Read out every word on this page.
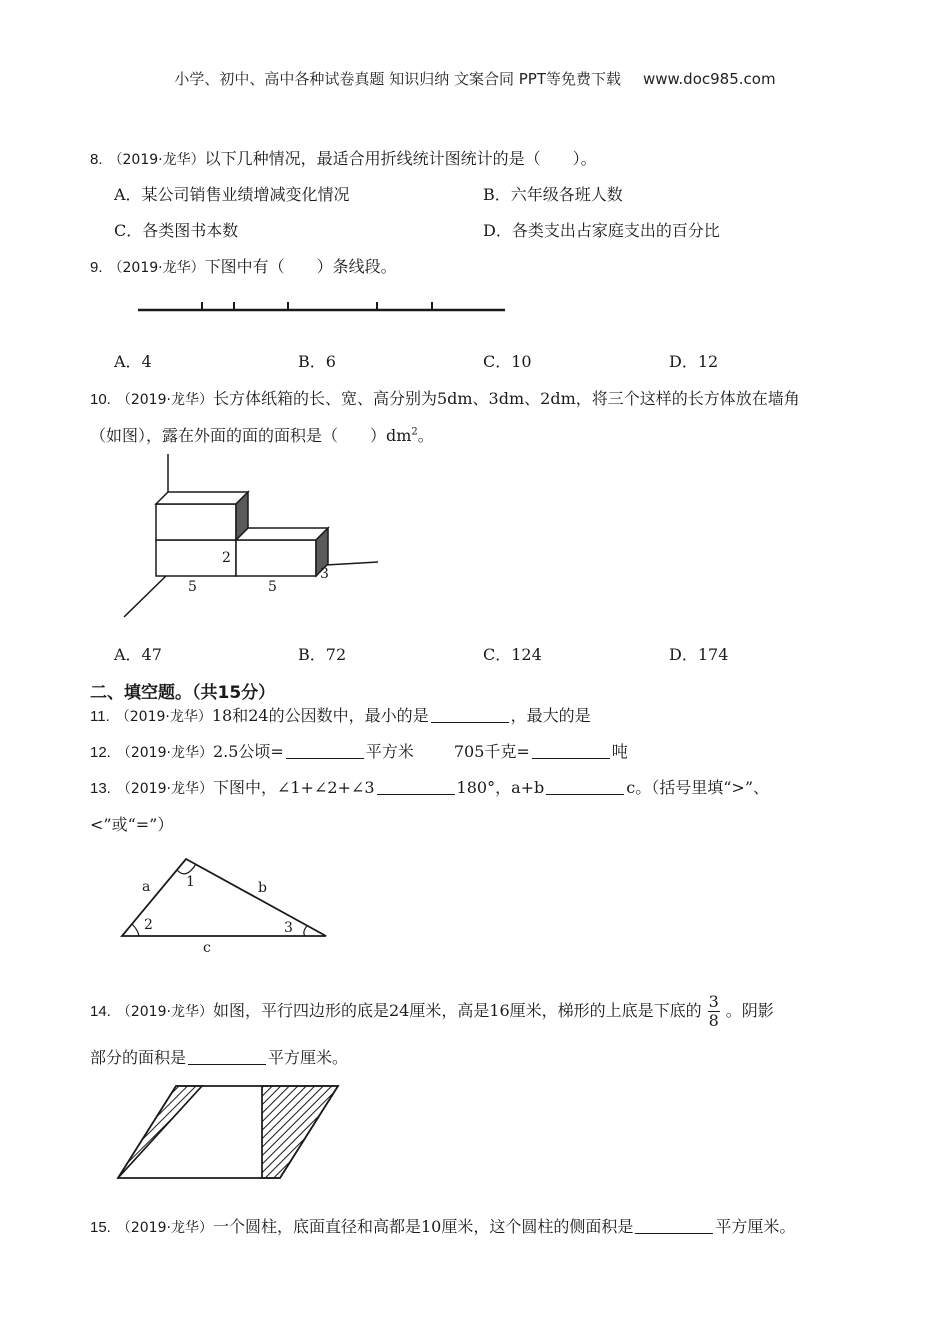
小学、初中、高中各种试卷真题 知识归纳 文案合同 PPT等免费下载 www.doc985.com
8. （2019·龙华）以下几种情况，最适合用折线统计图统计的是（　　）。
A．某公司销售业绩增减变化情况	B．六年级各班人数
C．各类图书本数	D．各类支出占家庭支出的百分比
9. （2019·龙华）下图中有（　　）条线段。
A．4	B．6	C．10	D．12
10. （2019·龙华）长方体纸箱的长、宽、高分别为5dm、3dm、2dm，将三个这样的长方体放在墙角
（如图），露在外面的面的面积是（　　）$dm^2$。
2
5	5
3
A．47	B．72	C．124	D．174
二、填空题。（共15分）
11. （2019·龙华）18和24的公因数中，最小的是	，最大的是
12. （2019·龙华）2.5公顷=	平方米	705千克=	吨
13. （2019·龙华）下图中，∠1+∠2+∠3	180°，a+b	c。（括号里填“>”、
<”或“=”）
a	b
c
1
2	3
14. （2019·龙华）如图，平行四边形的底是24厘米，高是16厘米，梯形的上底是下底的 $\frac{3}{8}$ 。阴影
部分的面积是	平方厘米。
15. （2019·龙华）一个圆柱，底面直径和高都是10厘米，这个圆柱的侧面积是	平方厘米。
